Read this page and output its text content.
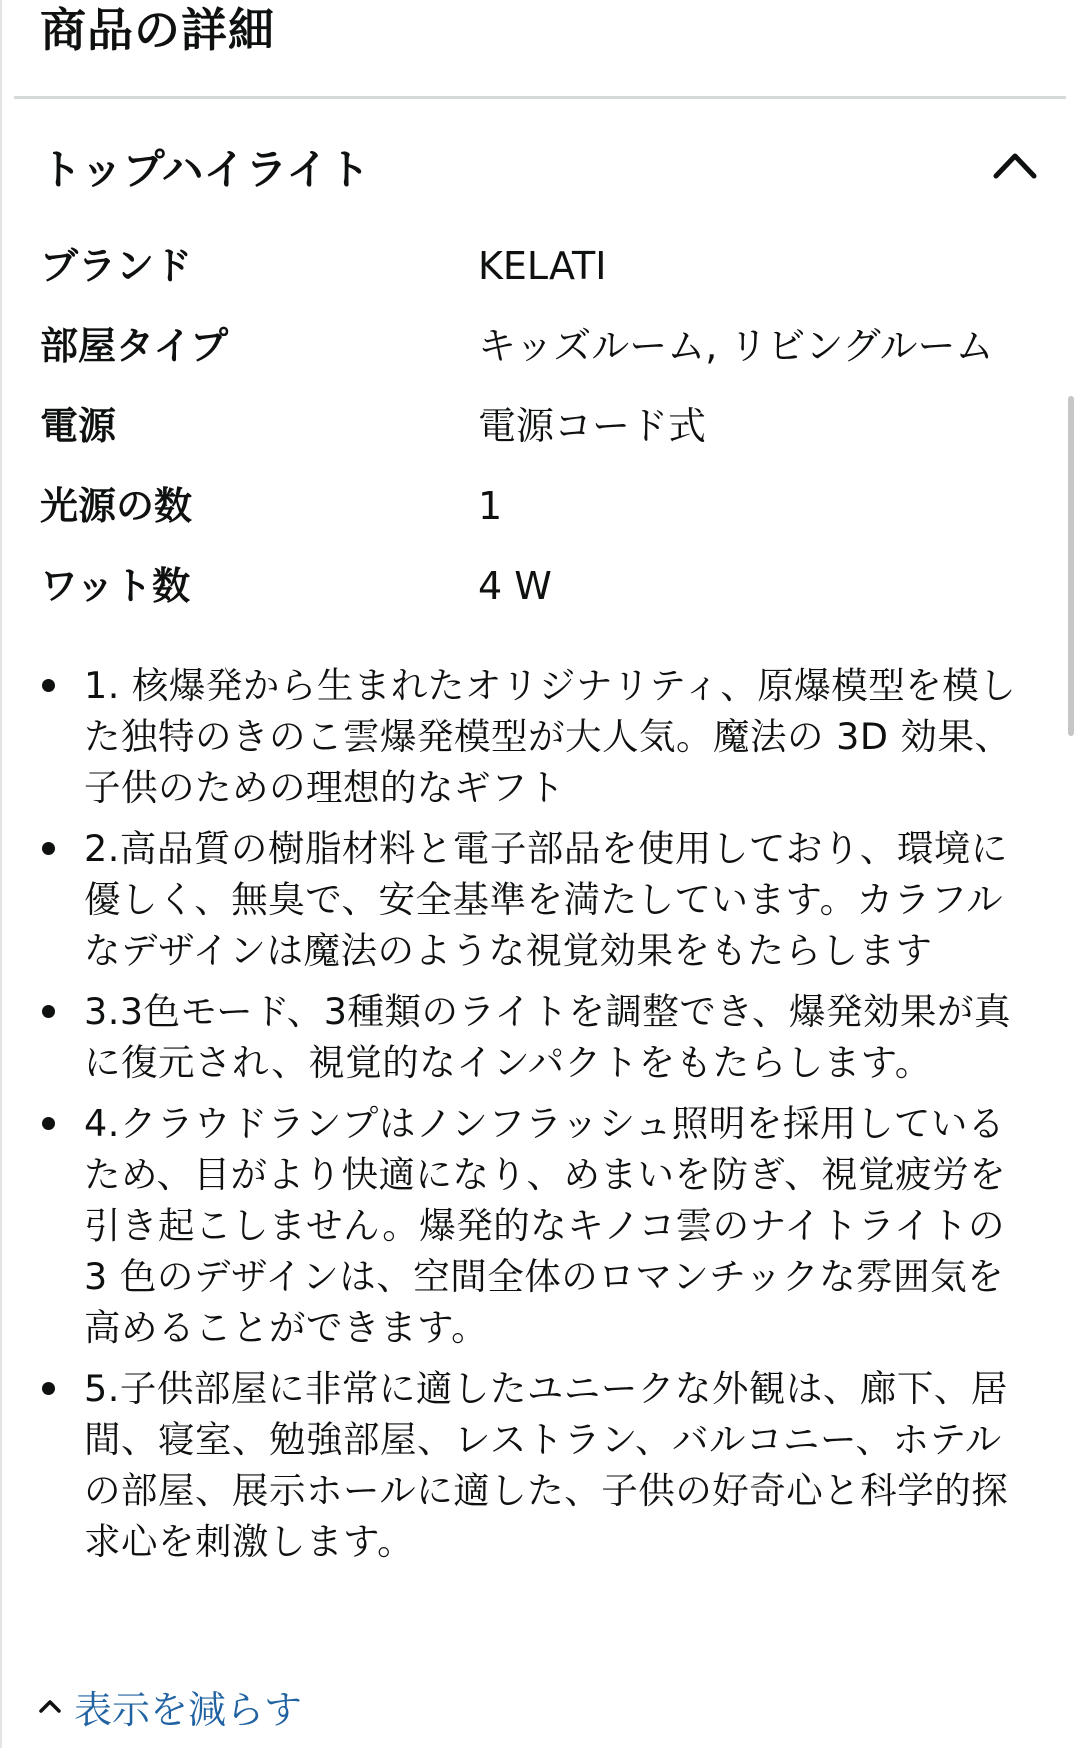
商品の詳細
トップハイライト
ブランド	KELATI
部屋タイプ	キッズルーム, リビングルーム
電源	電源コード式
光源の数	1
ワット数	4 W
1. 核爆発から生まれたオリジナリティ、原爆模型を模した独特のきのこ雲爆発模型が大人気。魔法の 3D 効果、子供のための理想的なギフト
2.高品質の樹脂材料と電子部品を使用しており、環境に優しく、無臭で、安全基準を満たしています。カラフルなデザインは魔法のような視覚効果をもたらします
3.3色モード、3種類のライトを調整でき、爆発効果が真に復元され、視覚的なインパクトをもたらします。
4.クラウドランプはノンフラッシュ照明を採用しているため、目がより快適になり、めまいを防ぎ、視覚疲労を引き起こしません。爆発的なキノコ雲のナイトライトの 3 色のデザインは、空間全体のロマンチックな雰囲気を高めることができます。
5.子供部屋に非常に適したユニークな外観は、廊下、居間、寝室、勉強部屋、レストラン、バルコニー、ホテルの部屋、展示ホールに適した、子供の好奇心と科学的探求心を刺激します。
表示を減らす
